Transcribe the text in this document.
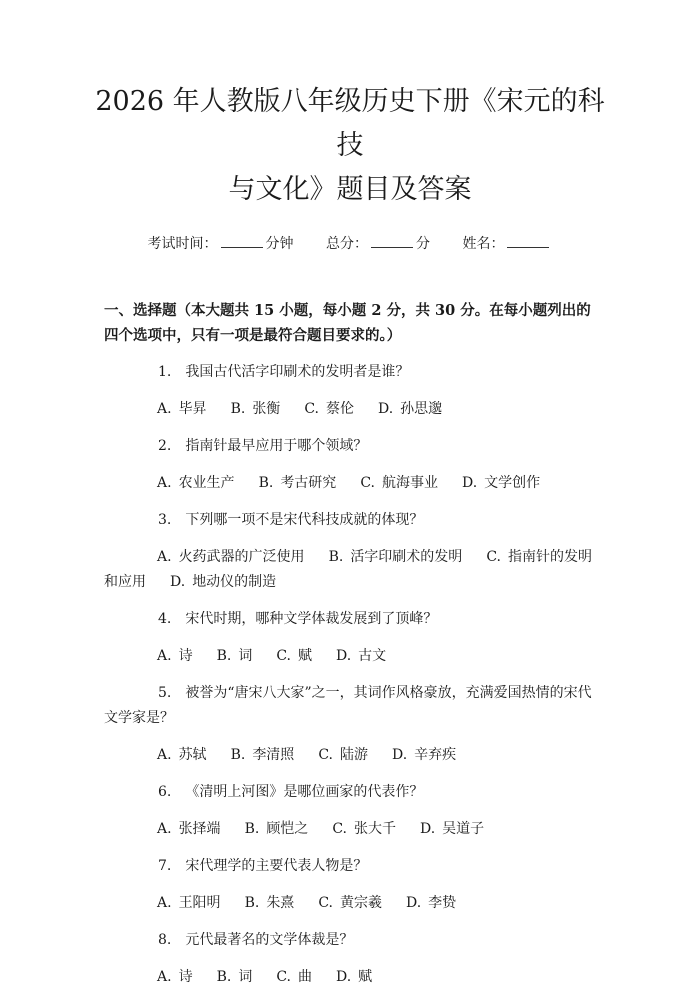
2026 年人教版八年级历史下册《宋元的科技
与文化》题目及答案
考试时间：	分钟 总分：	分 姓名：
一、选择题（本大题共 15 小题，每小题 2 分，共 30 分。在每小题列出的四个选项中，只有一项是最符合题目要求的。）
1. 我国古代活字印刷术的发明者是谁？
A. 毕昇 B. 张衡 C. 蔡伦 D. 孙思邈
2. 指南针最早应用于哪个领域？
A. 农业生产 B. 考古研究 C. 航海事业 D. 文学创作
3. 下列哪一项不是宋代科技成就的体现？
A. 火药武器的广泛使用 B. 活字印刷术的发明 C. 指南针的发明和应用 D. 地动仪的制造
4. 宋代时期，哪种文学体裁发展到了顶峰？
A. 诗 B. 词 C. 赋 D. 古文
5. 被誉为“唐宋八大家”之一，其词作风格豪放，充满爱国热情的宋代文学家是？
A. 苏轼 B. 李清照 C. 陆游 D. 辛弃疾
6. 《清明上河图》是哪位画家的代表作？
A. 张择端 B. 顾恺之 C. 张大千 D. 吴道子
7. 宋代理学的主要代表人物是？
A. 王阳明 B. 朱熹 C. 黄宗羲 D. 李贽
8. 元代最著名的文学体裁是？
A. 诗 B. 词 C. 曲 D. 赋
